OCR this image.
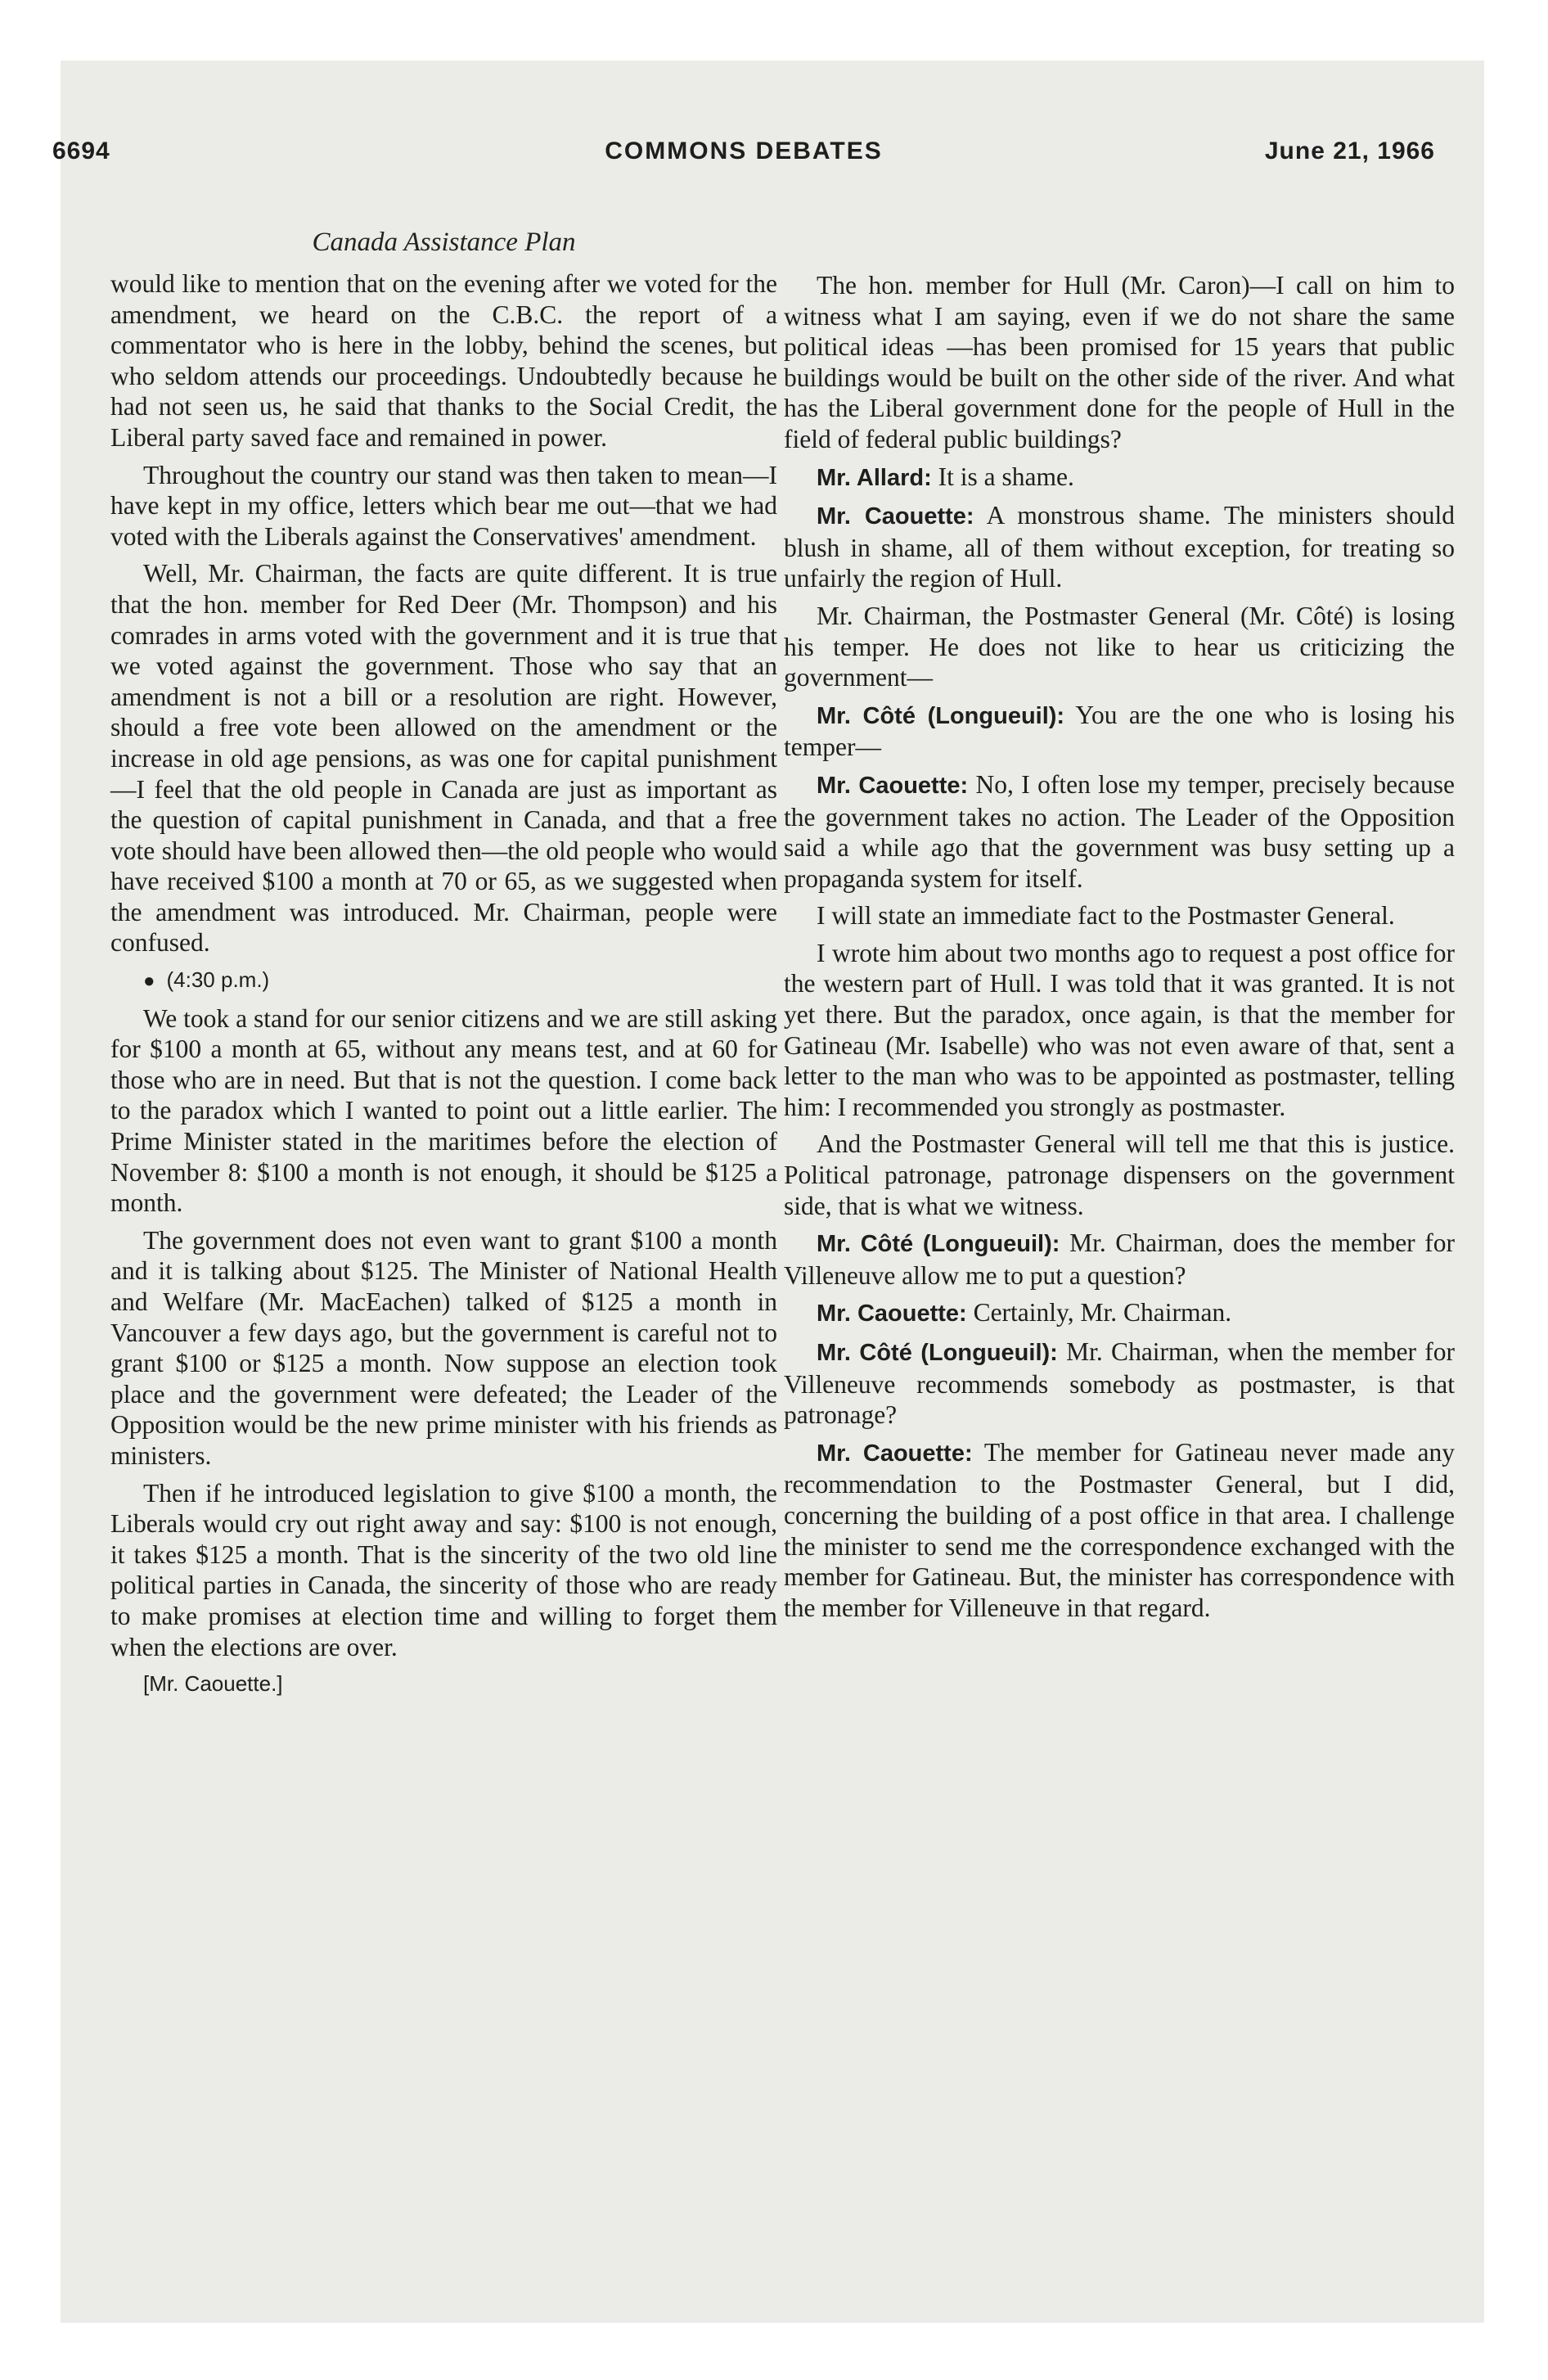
6694	COMMONS DEBATES	June 21, 1966
Canada Assistance Plan

would like to mention that on the evening after we voted for the amendment, we heard on the C.B.C. the report of a commentator who is here in the lobby, behind the scenes, but who seldom attends our proceedings. Undoubtedly because he had not seen us, he said that thanks to the Social Credit, the Liberal party saved face and remained in power.

Throughout the country our stand was then taken to mean—I have kept in my office, letters which bear me out—that we had voted with the Liberals against the Conservatives' amendment.

Well, Mr. Chairman, the facts are quite different. It is true that the hon. member for Red Deer (Mr. Thompson) and his comrades in arms voted with the government and it is true that we voted against the government. Those who say that an amendment is not a bill or a resolution are right. However, should a free vote been allowed on the amendment or the increase in old age pensions, as was one for capital punishment—I feel that the old people in Canada are just as important as the question of capital punishment in Canada, and that a free vote should have been allowed then—the old people who would have received $100 a month at 70 or 65, as we suggested when the amendment was introduced. Mr. Chairman, people were confused.

● (4:30 p.m.)

We took a stand for our senior citizens and we are still asking for $100 a month at 65, without any means test, and at 60 for those who are in need. But that is not the question. I come back to the paradox which I wanted to point out a little earlier. The Prime Minister stated in the maritimes before the election of November 8: $100 a month is not enough, it should be $125 a month.

The government does not even want to grant $100 a month and it is talking about $125. The Minister of National Health and Welfare (Mr. MacEachen) talked of $125 a month in Vancouver a few days ago, but the government is careful not to grant $100 or $125 a month. Now suppose an election took place and the government were defeated; the Leader of the Opposition would be the new prime minister with his friends as ministers.

Then if he introduced legislation to give $100 a month, the Liberals would cry out right away and say: $100 is not enough, it takes $125 a month. That is the sincerity of the two old line political parties in Canada, the sincerity of those who are ready to make promises at election time and willing to forget them when the elections are over.

[Mr. Caouette.]

The hon. member for Hull (Mr. Caron)—I call on him to witness what I am saying, even if we do not share the same political ideas —has been promised for 15 years that public buildings would be built on the other side of the river. And what has the Liberal government done for the people of Hull in the field of federal public buildings?

Mr. Allard: It is a shame.

Mr. Caouette: A monstrous shame. The ministers should blush in shame, all of them without exception, for treating so unfairly the region of Hull.

Mr. Chairman, the Postmaster General (Mr. Côté) is losing his temper. He does not like to hear us criticizing the government—

Mr. Côté (Longueuil): You are the one who is losing his temper—

Mr. Caouette: No, I often lose my temper, precisely because the government takes no action. The Leader of the Opposition said a while ago that the government was busy setting up a propaganda system for itself.

I will state an immediate fact to the Postmaster General.

I wrote him about two months ago to request a post office for the western part of Hull. I was told that it was granted. It is not yet there. But the paradox, once again, is that the member for Gatineau (Mr. Isabelle) who was not even aware of that, sent a letter to the man who was to be appointed as postmaster, telling him: I recommended you strongly as postmaster.

And the Postmaster General will tell me that this is justice. Political patronage, patronage dispensers on the government side, that is what we witness.

Mr. Côté (Longueuil): Mr. Chairman, does the member for Villeneuve allow me to put a question?

Mr. Caouette: Certainly, Mr. Chairman.

Mr. Côté (Longueuil): Mr. Chairman, when the member for Villeneuve recommends somebody as postmaster, is that patronage?

Mr. Caouette: The member for Gatineau never made any recommendation to the Postmaster General, but I did, concerning the building of a post office in that area. I challenge the minister to send me the correspondence exchanged with the member for Gatineau. But, the minister has correspondence with the member for Villeneuve in that regard.
